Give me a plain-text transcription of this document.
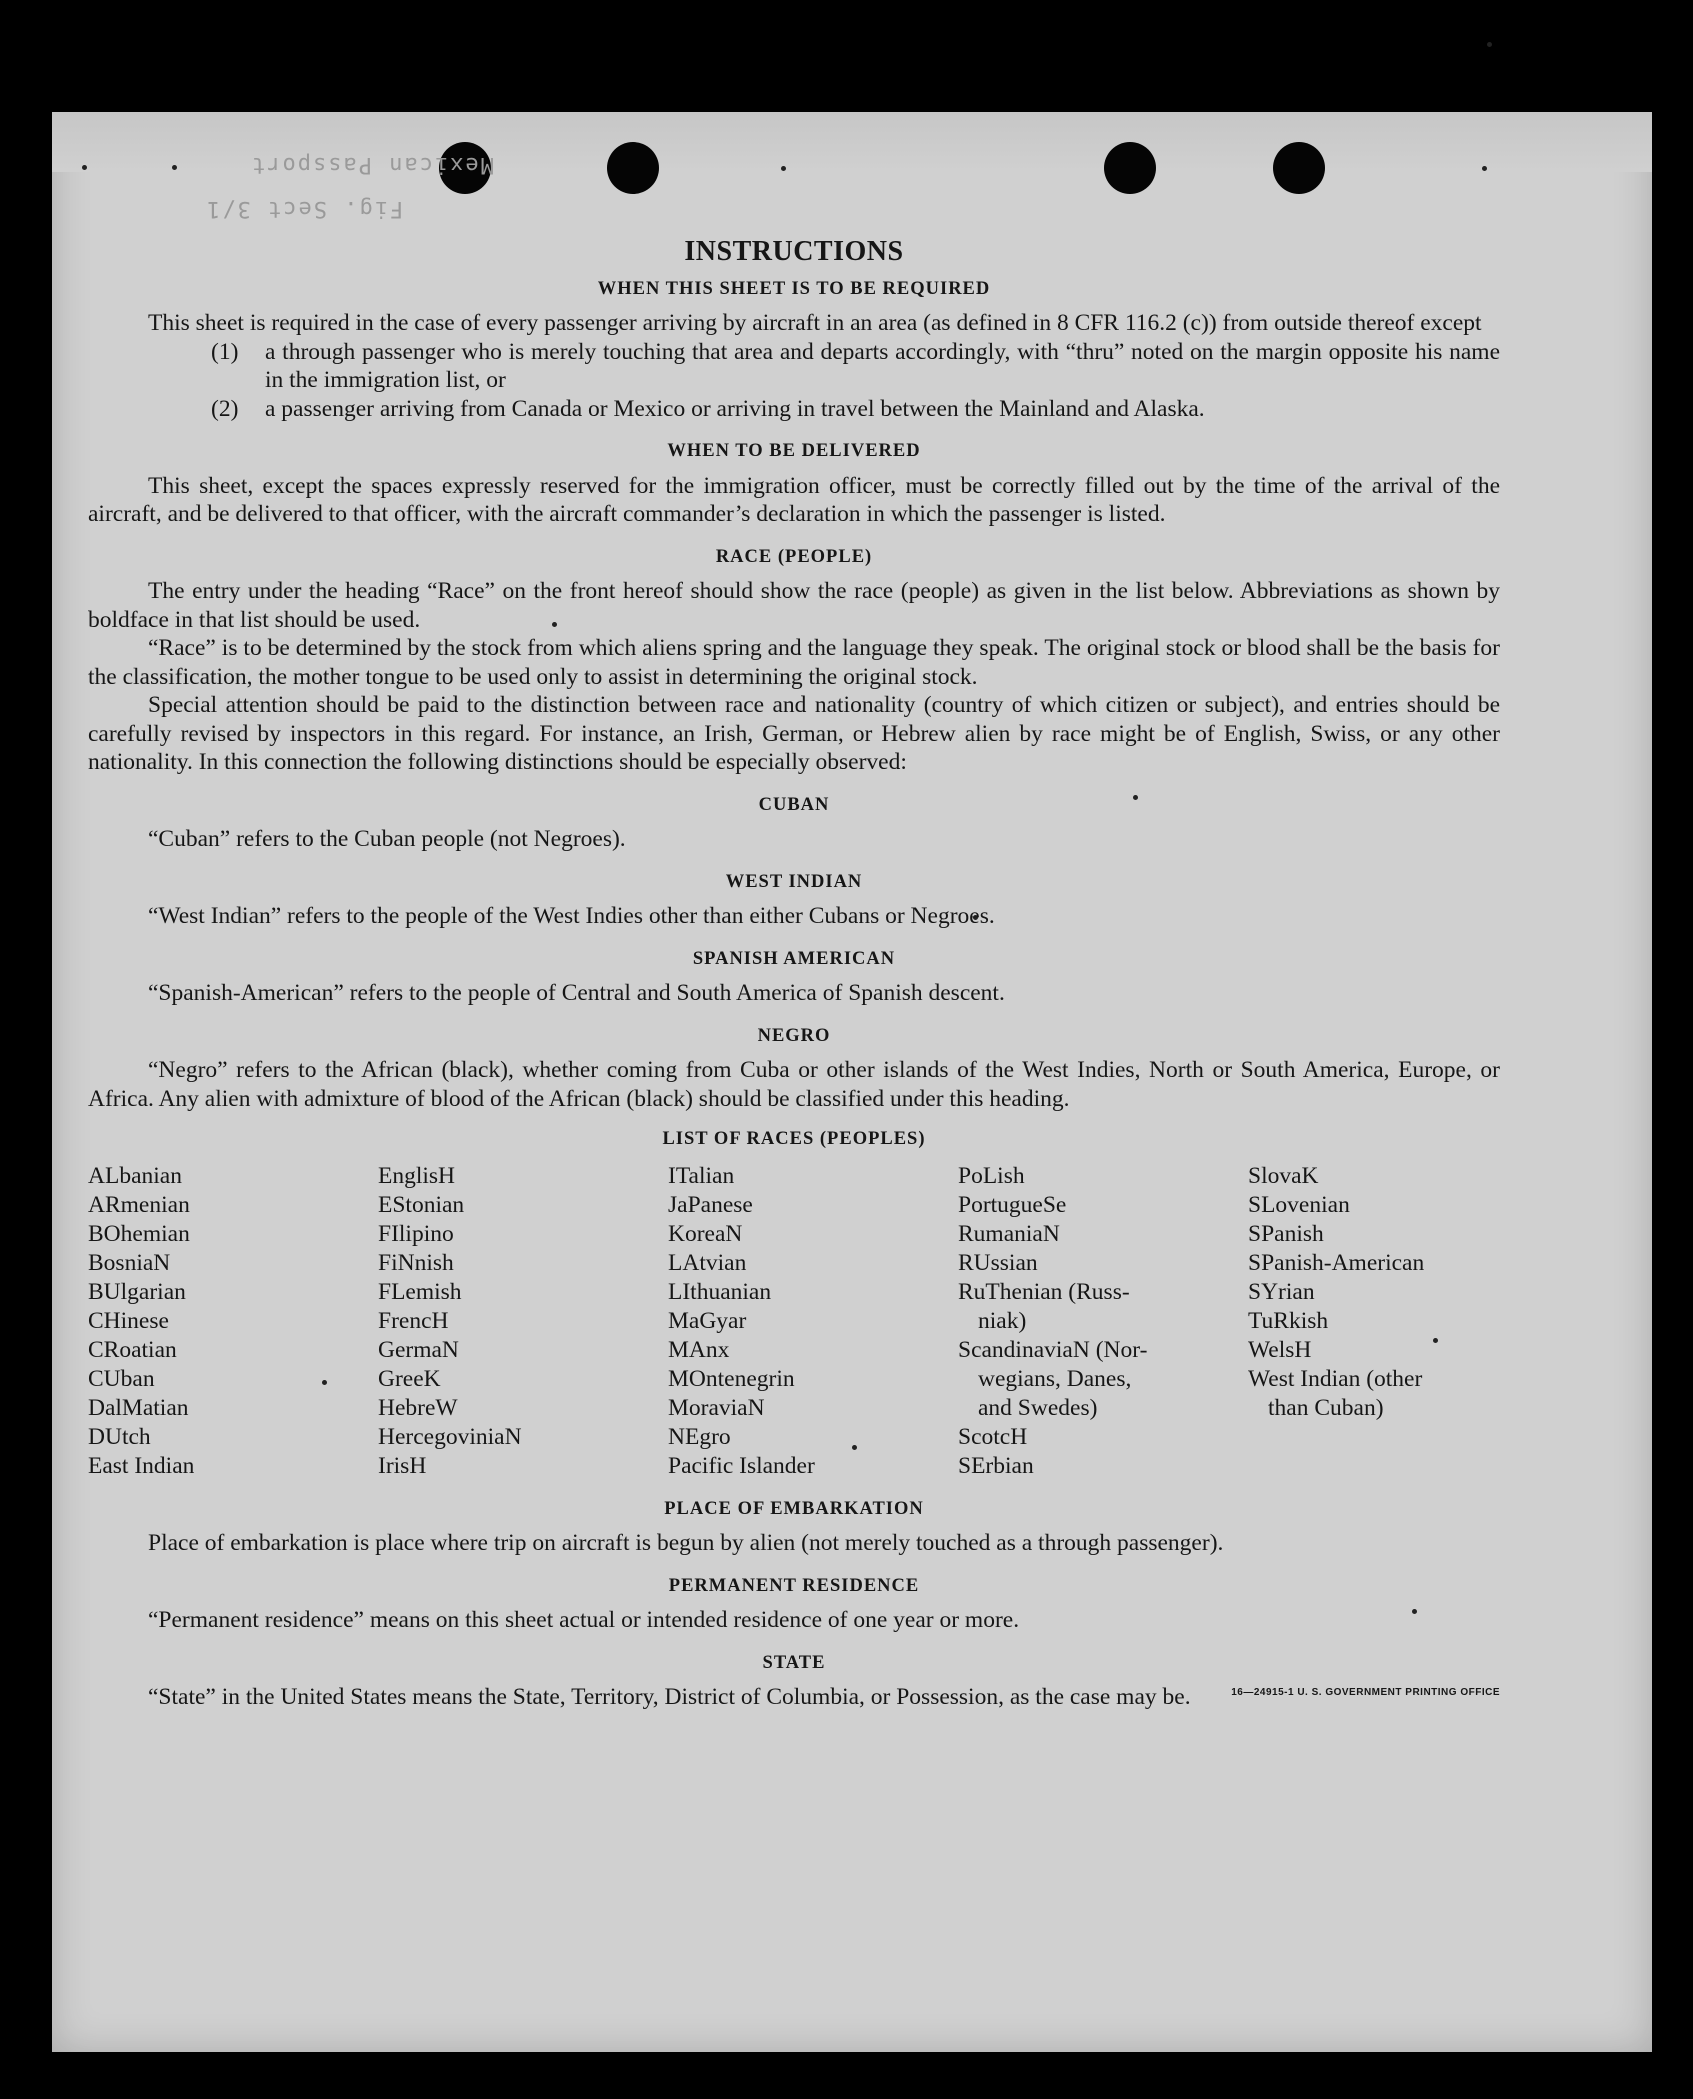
Mexican Passport
Fig. Sect 3/1
INSTRUCTIONS
WHEN THIS SHEET IS TO BE REQUIRED

This sheet is required in the case of every passenger arriving by aircraft in an area (as defined in 8 CFR 116.2 (c)) from outside thereof except

(1)	a through passenger who is merely touching that area and departs accordingly, with “thru” noted on the margin opposite his name in the immigration list, or
(2)	a passenger arriving from Canada or Mexico or arriving in travel between the Mainland and Alaska.
WHEN TO BE DELIVERED

This sheet, except the spaces expressly reserved for the immigration officer, must be correctly filled out by the time of the arrival of the aircraft, and be delivered to that officer, with the aircraft commander’s declaration in which the passenger is listed.

RACE (PEOPLE)

The entry under the heading “Race” on the front hereof should show the race (people) as given in the list below. Abbreviations as shown by boldface in that list should be used.

“Race” is to be determined by the stock from which aliens spring and the language they speak. The original stock or blood shall be the basis for the classification, the mother tongue to be used only to assist in determining the original stock.

Special attention should be paid to the distinction between race and nationality (country of which citizen or subject), and entries should be carefully revised by inspectors in this regard. For instance, an Irish, German, or Hebrew alien by race might be of English, Swiss, or any other nationality. In this connection the following distinctions should be especially observed:

CUBAN

“Cuban” refers to the Cuban people (not Negroes).

WEST INDIAN

“West Indian” refers to the people of the West Indies other than either Cubans or Negroes.

SPANISH AMERICAN

“Spanish-American” refers to the people of Central and South America of Spanish descent.

NEGRO

“Negro” refers to the African (black), whether coming from Cuba or other islands of the West Indies, North or South America, Europe, or Africa. Any alien with admixture of blood of the African (black) should be classified under this heading.

LIST OF RACES (PEOPLES)
ALbanian
ARmenian
BOhemian
BosniaN
BUlgarian
CHinese
CRoatian
CUban
DalMatian
DUtch
East Indian
EnglisH
EStonian
FIlipino
FiNnish
FLemish
FrencH
GermaN
GreeK
HebreW
HercegoviniaN
IrisH
ITalian
JaPanese
KoreaN
LAtvian
LIthuanian
MaGyar
MAnx
MOntenegrin
MoraviaN
NEgro
Pacific Islander
PoLish
PortugueSe
RumaniaN
RUssian
RuThenian (Russ-
niak)
ScandinaviaN (Nor-
wegians, Danes,
and Swedes)
ScotcH
SErbian
SlovaK
SLovenian
SPanish
SPanish-American
SYrian
TuRkish
WelsH
West Indian (other
than Cuban)
PLACE OF EMBARKATION

Place of embarkation is place where trip on aircraft is begun by alien (not merely touched as a through passenger).

PERMANENT RESIDENCE

“Permanent residence” means on this sheet actual or intended residence of one year or more.

STATE

“State” in the United States means the State, Territory, District of Columbia, or Possession, as the case may be.	16—24915-1 U. S. GOVERNMENT PRINTING OFFICE
